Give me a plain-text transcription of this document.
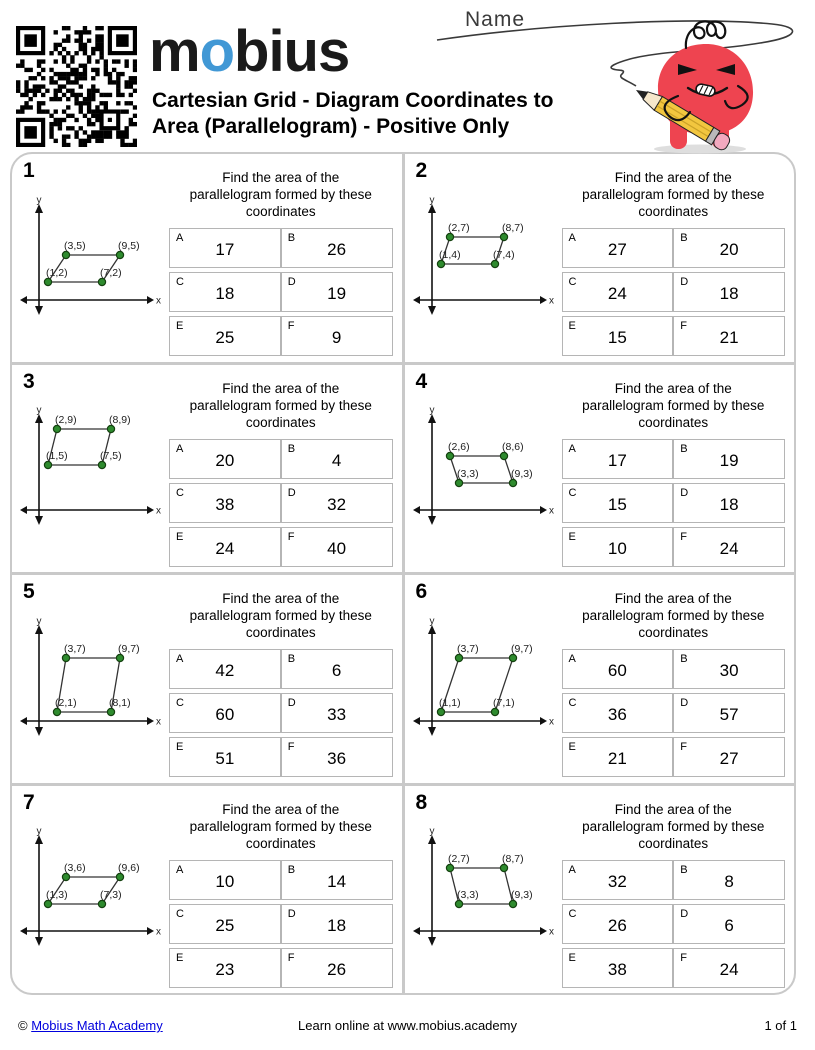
mobius
Cartesian Grid - Diagram Coordinates to
Area (Parallelogram) - Positive Only
Name
1
y
x
(3,5)	(9,5)
(7,2)
(1,2)
Find the area of the
parallelogram formed by these
coordinates
A
17	B
26

C
18	D
19

E
25	F
9
2
y
x
(2,7)	(8,7)
(7,4)
(1,4)
Find the area of the
parallelogram formed by these
coordinates
A
27	B
20

C
24	D
18

E
15	F
21
3
y
x
(2,9)	(8,9)
(7,5)
(1,5)
Find the area of the
parallelogram formed by these
coordinates
A
20	B
4

C
38	D
32

E
24	F
40
4
y
x
(2,6)	(8,6)
(9,3)
(3,3)
Find the area of the
parallelogram formed by these
coordinates
A
17	B
19

C
15	D
18

E
10	F
24
5
y
x
(3,7)	(9,7)
(8,1)
(2,1)
Find the area of the
parallelogram formed by these
coordinates
A
42	B
6

C
60	D
33

E
51	F
36
6
y
x
(3,7)	(9,7)
(7,1)
(1,1)
Find the area of the
parallelogram formed by these
coordinates
A
60	B
30

C
36	D
57

E
21	F
27
7
y
x
(3,6)	(9,6)
(7,3)
(1,3)
Find the area of the
parallelogram formed by these
coordinates
A
10	B
14

C
25	D
18

E
23	F
26
8
y
x
(2,7)	(8,7)
(9,3)
(3,3)
Find the area of the
parallelogram formed by these
coordinates
A
32	B
8

C
26	D
6

E
38	F
24
Learn online at www.mobius.academy
© Mobius Math Academy	1 of 1
